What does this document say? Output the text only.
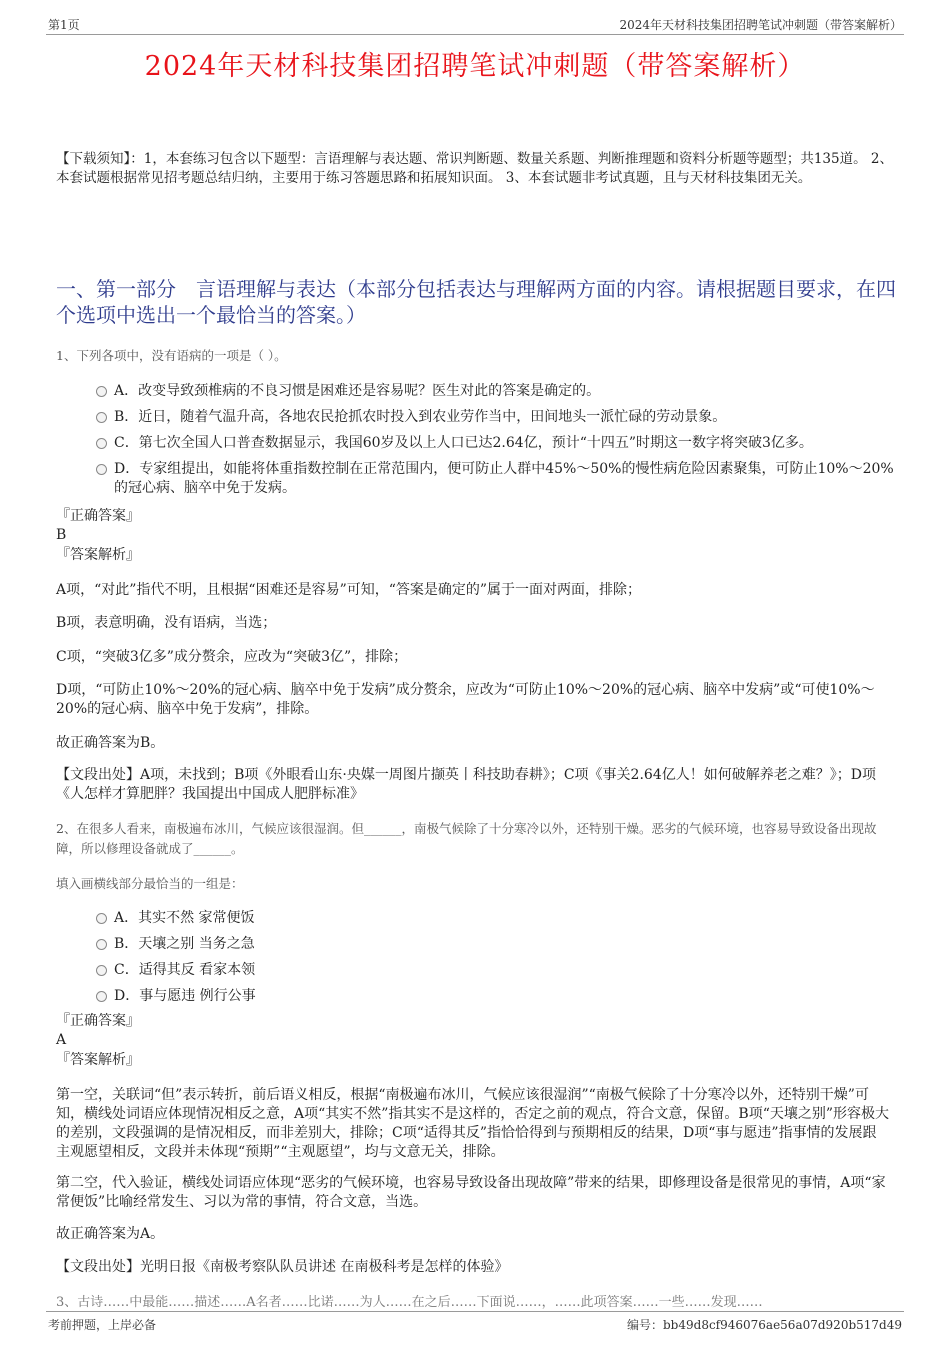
第1页	2024年天材科技集团招聘笔试冲刺题（带答案解析）
2024年天材科技集团招聘笔试冲刺题（带答案解析）
【下载须知】：1，本套练习包含以下题型：言语理解与表达题、常识判断题、数量关系题、判断推理题和资料分析题等题型；共135道。 2、本套试题根据常见招考题总结归纳，主要用于练习答题思路和拓展知识面。 3、本套试题非考试真题，且与天材科技集团无关。
一、第一部分　言语理解与表达（本部分包括表达与理解两方面的内容。请根据题目要求，在四个选项中选出一个最恰当的答案。）
1、下列各项中，没有语病的一项是（ ）。
A．改变导致颈椎病的不良习惯是困难还是容易呢？医生对此的答案是确定的。
B．近日，随着气温升高，各地农民抢抓农时投入到农业劳作当中，田间地头一派忙碌的劳动景象。
C．第七次全国人口普查数据显示，我国60岁及以上人口已达2.64亿，预计“十四五”时期这一数字将突破3亿多。
D．专家组提出，如能将体重指数控制在正常范围内，便可防止人群中45%～50%的慢性病危险因素聚集，可防止10%～20%的冠心病、脑卒中免于发病。
『正确答案』
B
『答案解析』
A项，“对此”指代不明，且根据“困难还是容易”可知，“答案是确定的”属于一面对两面，排除；
B项，表意明确，没有语病，当选；
C项，“突破3亿多”成分赘余，应改为“突破3亿”，排除；
D项，“可防止10%～20%的冠心病、脑卒中免于发病”成分赘余，应改为“可防止10%～20%的冠心病、脑卒中发病”或“可使10%～20%的冠心病、脑卒中免于发病”，排除。
故正确答案为B。
【文段出处】A项，未找到；B项《外眼看山东·央媒一周图片撷英丨科技助春耕》；C项《事关2.64亿人！如何破解养老之难？》；D项《人怎样才算肥胖？我国提出中国成人肥胖标准》
2、在很多人看来，南极遍布冰川，气候应该很湿润。但______，南极气候除了十分寒冷以外，还特别干燥。恶劣的气候环境，也容易导致设备出现故障，所以修理设备就成了______。
填入画横线部分最恰当的一组是：
A．其实不然 家常便饭
B．天壤之别 当务之急
C．适得其反 看家本领
D．事与愿违 例行公事
『正确答案』
A
『答案解析』
第一空，关联词“但”表示转折，前后语义相反，根据“南极遍布冰川，气候应该很湿润”“南极气候除了十分寒冷以外，还特别干燥”可知，横线处词语应体现情况相反之意，A项“其实不然”指其实不是这样的，否定之前的观点，符合文意，保留。B项“天壤之别”形容极大的差别，文段强调的是情况相反，而非差别大，排除；C项“适得其反”指恰恰得到与预期相反的结果，D项“事与愿违”指事情的发展跟主观愿望相反，文段并未体现“预期”“主观愿望”，均与文意无关，排除。
第二空，代入验证，横线处词语应体现“恶劣的气候环境，也容易导致设备出现故障”带来的结果，即修理设备是很常见的事情，A项“家常便饭”比喻经常发生、习以为常的事情，符合文意，当选。
故正确答案为A。
【文段出处】光明日报《南极考察队队员讲述 在南极科考是怎样的体验》
3、古诗……中最能……描述……A名者……比诺……为人……在之后……下面说……，……此项答案……一些……发现……
考前押题，上岸必备	编号：bb49d8cf946076ae56a07d920b517d49
